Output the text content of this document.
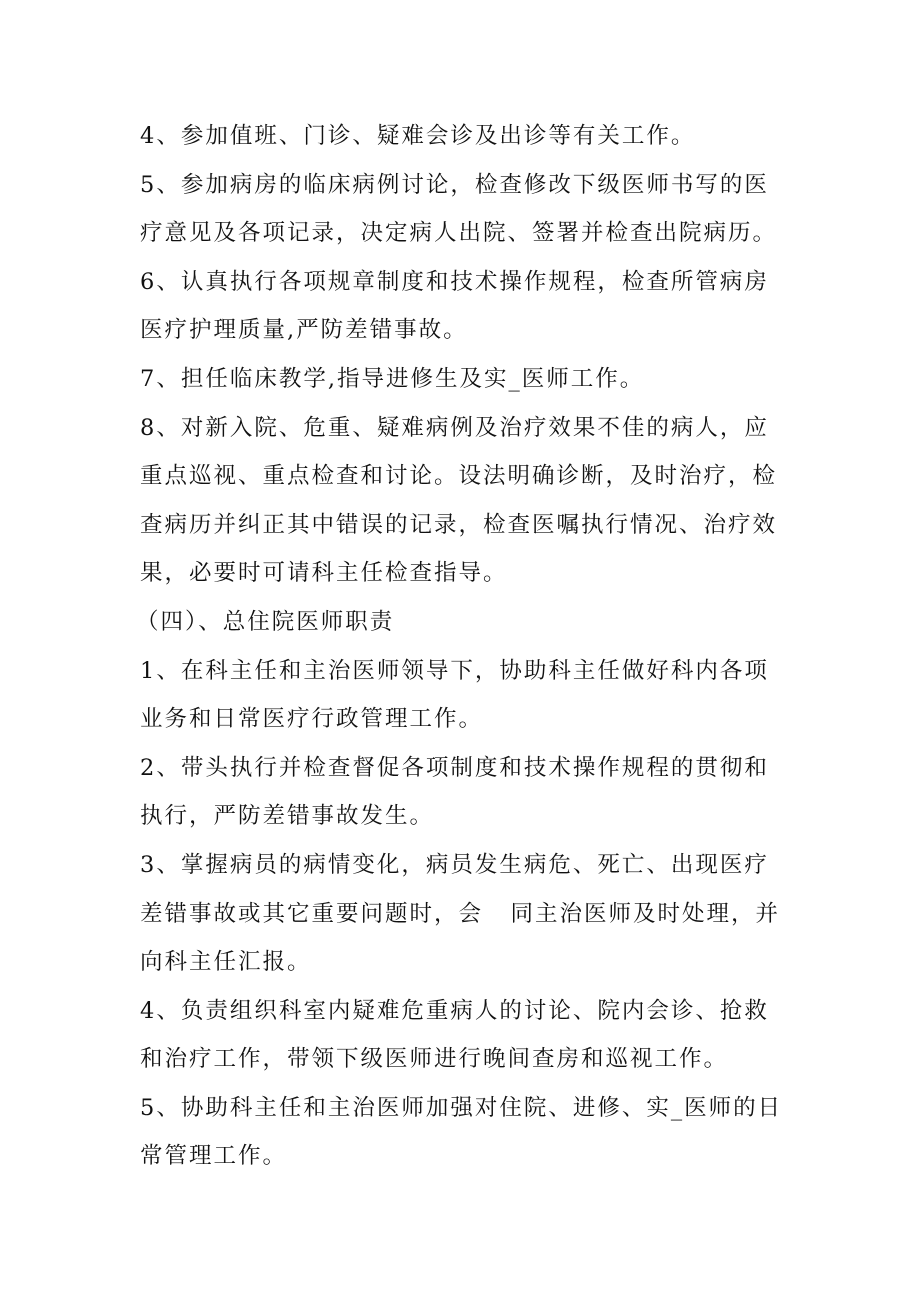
4、参加值班、门诊、疑难会诊及出诊等有关工作。
5、参加病房的临床病例讨论，检查修改下级医师书写的医
疗意见及各项记录，决定病人出院、签署并检查出院病历。
6、认真执行各项规章制度和技术操作规程，检查所管病房
医疗护理质量,严防差错事故。
7、担任临床教学,指导进修生及实_医师工作。
8、对新入院、危重、疑难病例及治疗效果不佳的病人，应
重点巡视、重点检查和讨论。设法明确诊断，及时治疗，检
查病历并纠正其中错误的记录，检查医嘱执行情况、治疗效
果，必要时可请科主任检查指导。
（四）、总住院医师职责
1、在科主任和主治医师领导下，协助科主任做好科内各项
业务和日常医疗行政管理工作。
2、带头执行并检查督促各项制度和技术操作规程的贯彻和
执行，严防差错事故发生。
3、掌握病员的病情变化，病员发生病危、死亡、出现医疗
差错事故或其它重要问题时，会   同主治医师及时处理，并
向科主任汇报。
4、负责组织科室内疑难危重病人的讨论、院内会诊、抢救
和治疗工作，带领下级医师进行晚间查房和巡视工作。
5、协助科主任和主治医师加强对住院、进修、实_医师的日
常管理工作。
